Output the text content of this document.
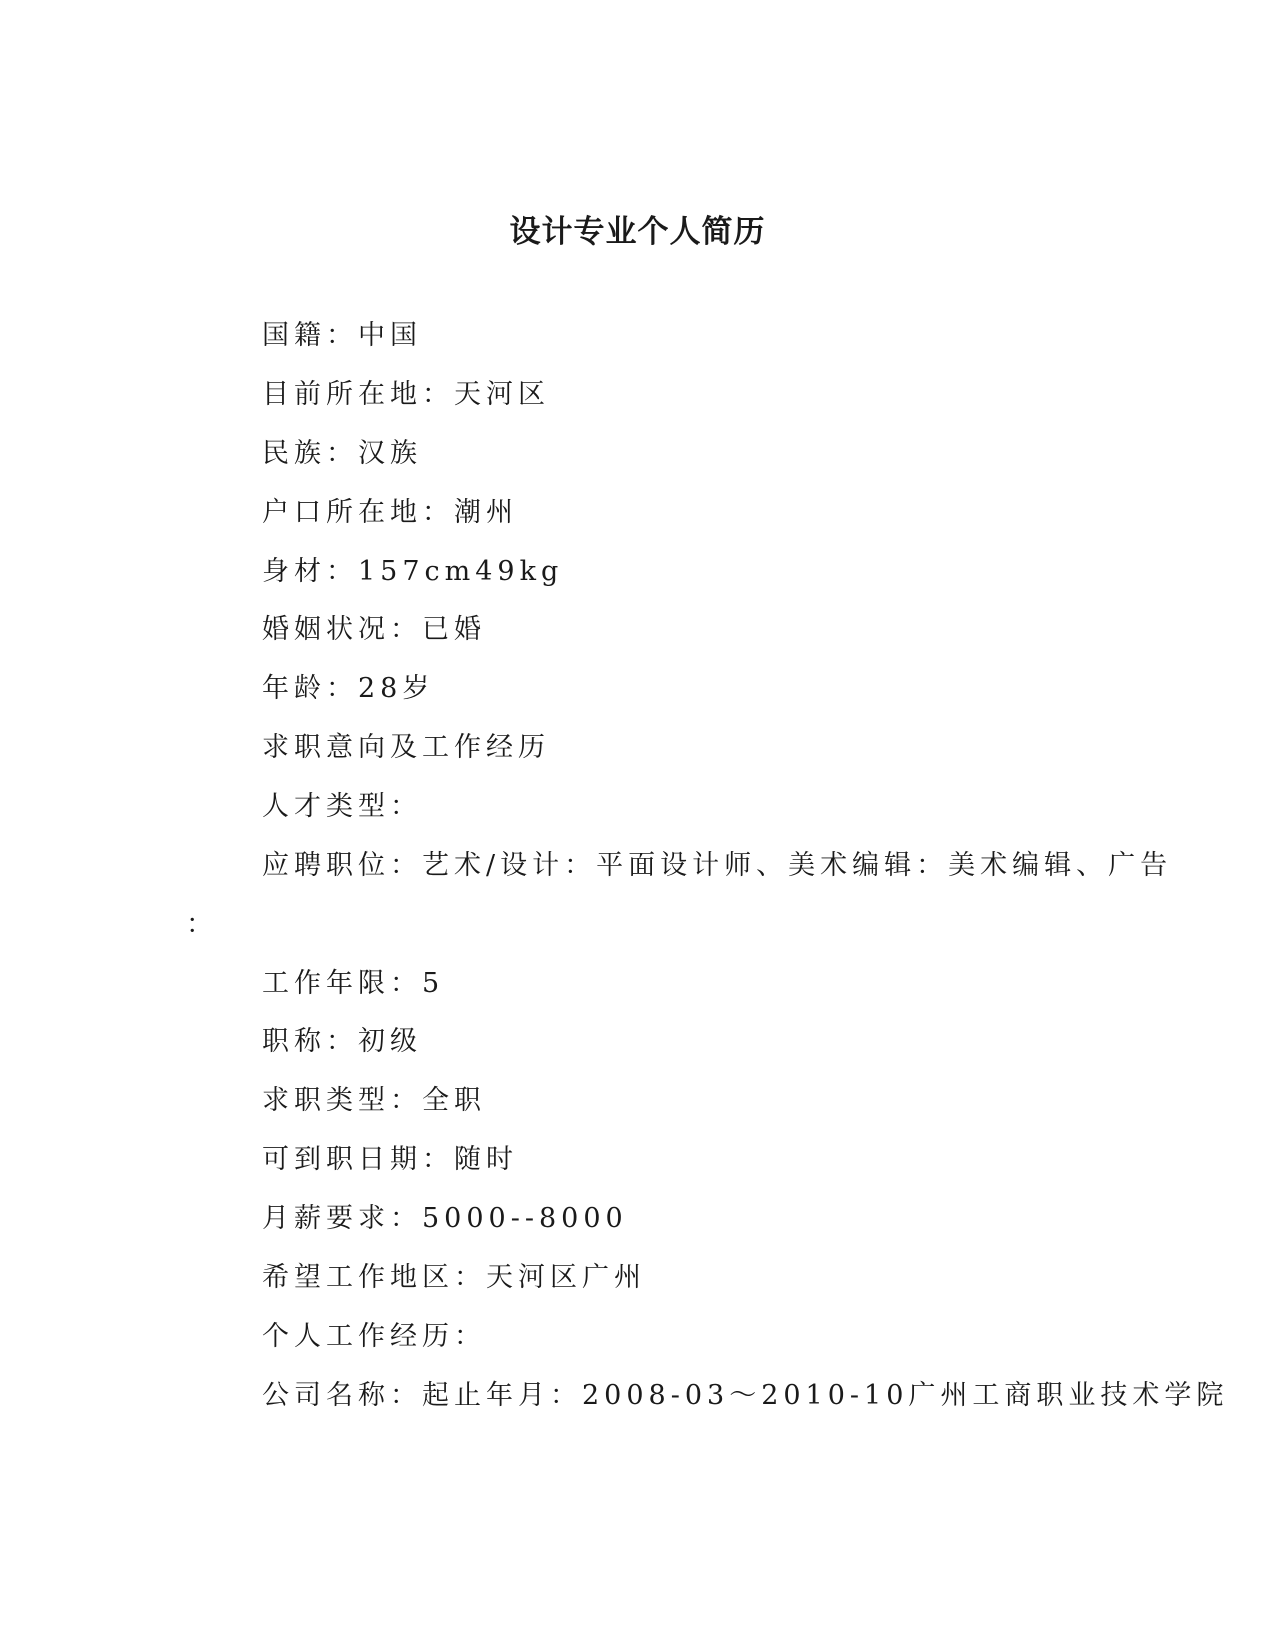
设计专业个人简历

国籍：中国

目前所在地：天河区

民族：汉族

户口所在地：潮州

身材：157cm49kg

婚姻状况：已婚

年龄：28岁

求职意向及工作经历

人才类型：

应聘职位：艺术/设计：平面设计师、美术编辑：美术编辑、广告

：

工作年限：5

职称：初级

求职类型：全职

可到职日期：随时

月薪要求：5000--8000

希望工作地区：天河区广州

个人工作经历：

公司名称：起止年月：2008-03～2010-10广州工商职业技术学院
